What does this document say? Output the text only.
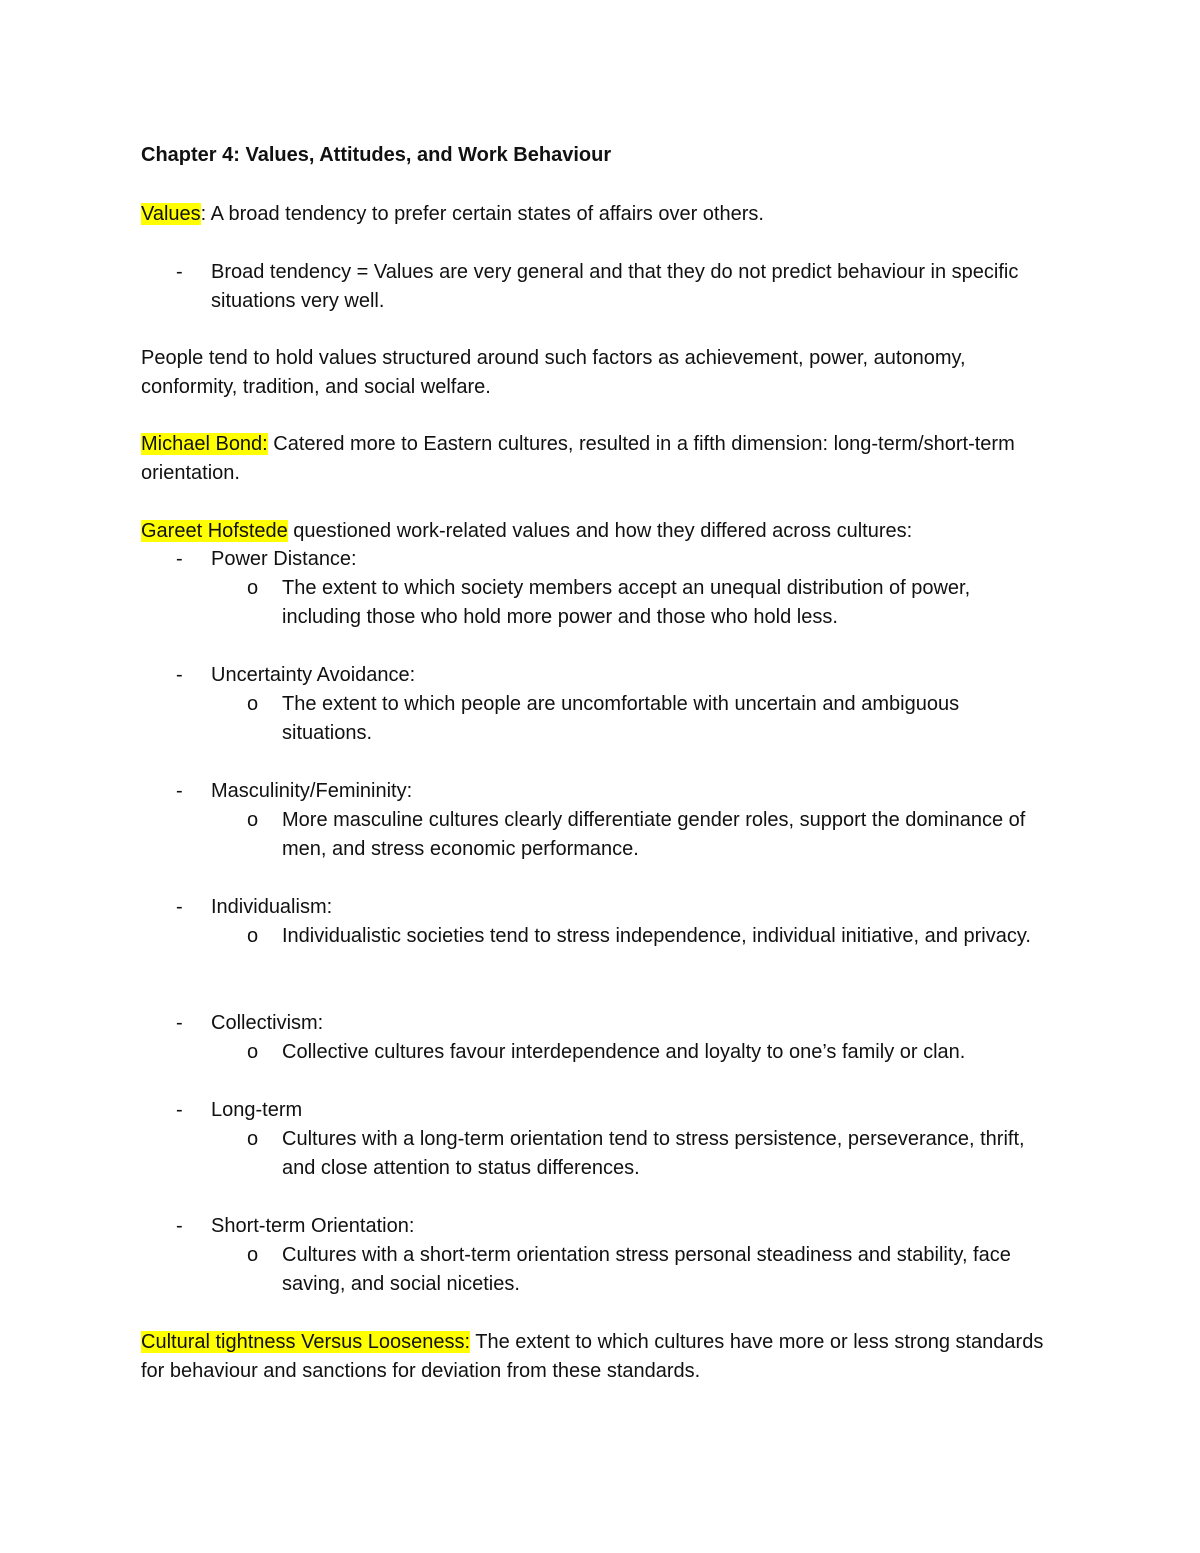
Chapter 4: Values, Attitudes, and Work Behaviour
Values: A broad tendency to prefer certain states of affairs over others.
- Broad tendency = Values are very general and that they do not predict behaviour in specific situations very well.
People tend to hold values structured around such factors as achievement, power, autonomy, conformity, tradition, and social welfare.
Michael Bond: Catered more to Eastern cultures, resulted in a fifth dimension: long-term/short-term orientation.
Gareet Hofstede questioned work-related values and how they differed across cultures:
- Power Distance:
o The extent to which society members accept an unequal distribution of power, including those who hold more power and those who hold less.
- Uncertainty Avoidance:
o The extent to which people are uncomfortable with uncertain and ambiguous situations.
- Masculinity/Femininity:
o More masculine cultures clearly differentiate gender roles, support the dominance of men, and stress economic performance.
- Individualism:
o Individualistic societies tend to stress independence, individual initiative, and privacy.
- Collectivism:
o Collective cultures favour interdependence and loyalty to one’s family or clan.
- Long-term
o Cultures with a long-term orientation tend to stress persistence, perseverance, thrift, and close attention to status differences.
- Short-term Orientation:
o Cultures with a short-term orientation stress personal steadiness and stability, face saving, and social niceties.
Cultural tightness Versus Looseness: The extent to which cultures have more or less strong standards for behaviour and sanctions for deviation from these standards.
